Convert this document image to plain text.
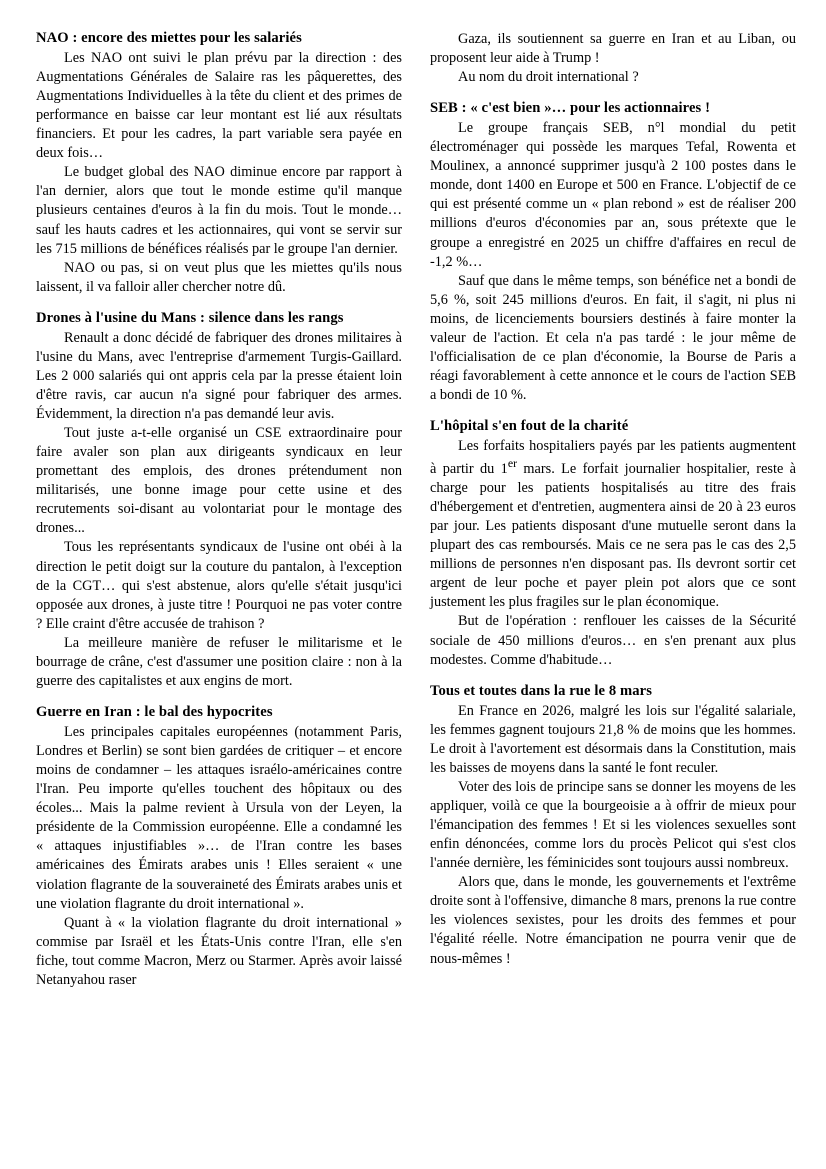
NAO : encore des miettes pour les salariés

Les NAO ont suivi le plan prévu par la direction : des Augmentations Générales de Salaire ras les pâquerettes, des Augmentations Individuelles à la tête du client et des primes de performance en baisse car leur montant est lié aux résultats financiers. Et pour les cadres, la part variable sera payée en deux fois…

Le budget global des NAO diminue encore par rapport à l'an dernier, alors que tout le monde estime qu'il manque plusieurs centaines d'euros à la fin du mois. Tout le monde… sauf les hauts cadres et les actionnaires, qui vont se servir sur les 715 millions de bénéfices réalisés par le groupe l'an dernier.

NAO ou pas, si on veut plus que les miettes qu'ils nous laissent, il va falloir aller chercher notre dû.

Drones à l'usine du Mans : silence dans les rangs

Renault a donc décidé de fabriquer des drones militaires à l'usine du Mans, avec l'entreprise d'armement Turgis-Gaillard. Les 2 000 salariés qui ont appris cela par la presse étaient loin d'être ravis, car aucun n'a signé pour fabriquer des armes. Évidemment, la direction n'a pas demandé leur avis.

Tout juste a-t-elle organisé un CSE extraordinaire pour faire avaler son plan aux dirigeants syndicaux en leur promettant des emplois, des drones prétendument non militarisés, une bonne image pour cette usine et des recrutements soi-disant au volontariat pour le montage des drones...

Tous les représentants syndicaux de l'usine ont obéi à la direction le petit doigt sur la couture du pantalon, à l'exception de la CGT… qui s'est abstenue, alors qu'elle s'était jusqu'ici opposée aux drones, à juste titre ! Pourquoi ne pas voter contre ? Elle craint d'être accusée de trahison ?

La meilleure manière de refuser le militarisme et le bourrage de crâne, c'est d'assumer une position claire : non à la guerre des capitalistes et aux engins de mort.

Guerre en Iran : le bal des hypocrites

Les principales capitales européennes (notamment Paris, Londres et Berlin) se sont bien gardées de critiquer – et encore moins de condamner – les attaques israélo-américaines contre l'Iran. Peu importe qu'elles touchent des hôpitaux ou des écoles... Mais la palme revient à Ursula von der Leyen, la présidente de la Commission européenne. Elle a condamné les « attaques injustifiables »… de l'Iran contre les bases américaines des Émirats arabes unis ! Elles seraient « une violation flagrante de la souveraineté des Émirats arabes unis et une violation flagrante du droit international ».

Quant à « la violation flagrante du droit international » commise par Israël et les États-Unis contre l'Iran, elle s'en fiche, tout comme Macron, Merz ou Starmer. Après avoir laissé Netanyahou raser

Gaza, ils soutiennent sa guerre en Iran et au Liban, ou proposent leur aide à Trump !

Au nom du droit international ?

SEB : « c'est bien »… pour les actionnaires !

Le groupe français SEB, n°l mondial du petit électroménager qui possède les marques Tefal, Rowenta et Moulinex, a annoncé supprimer jusqu'à 2 100 postes dans le monde, dont 1400 en Europe et 500 en France. L'objectif de ce qui est présenté comme un « plan rebond » est de réaliser 200 millions d'euros d'économies par an, sous prétexte que le groupe a enregistré en 2025 un chiffre d'affaires en recul de -1,2 %…

Sauf que dans le même temps, son bénéfice net a bondi de 5,6 %, soit 245 millions d'euros. En fait, il s'agit, ni plus ni moins, de licenciements boursiers destinés à faire monter la valeur de l'action. Et cela n'a pas tardé : le jour même de l'officialisation de ce plan d'économie, la Bourse de Paris a réagi favorablement à cette annonce et le cours de l'action SEB a bondi de 10 %.

L'hôpital s'en fout de la charité

Les forfaits hospitaliers payés par les patients augmentent à partir du 1er mars. Le forfait journalier hospitalier, reste à charge pour les patients hospitalisés au titre des frais d'hébergement et d'entretien, augmentera ainsi de 20 à 23 euros par jour. Les patients disposant d'une mutuelle seront dans la plupart des cas remboursés. Mais ce ne sera pas le cas des 2,5 millions de personnes n'en disposant pas. Ils devront sortir cet argent de leur poche et payer plein pot alors que ce sont justement les plus fragiles sur le plan économique.

But de l'opération : renflouer les caisses de la Sécurité sociale de 450 millions d'euros… en s'en prenant aux plus modestes. Comme d'habitude…

Tous et toutes dans la rue le 8 mars

En France en 2026, malgré les lois sur l'égalité salariale, les femmes gagnent toujours 21,8 % de moins que les hommes. Le droit à l'avortement est désormais dans la Constitution, mais les baisses de moyens dans la santé le font reculer.

Voter des lois de principe sans se donner les moyens de les appliquer, voilà ce que la bourgeoisie a à offrir de mieux pour l'émancipation des femmes ! Et si les violences sexuelles sont enfin dénoncées, comme lors du procès Pelicot qui s'est clos l'année dernière, les féminicides sont toujours aussi nombreux.

Alors que, dans le monde, les gouvernements et l'extrême droite sont à l'offensive, dimanche 8 mars, prenons la rue contre les violences sexistes, pour les droits des femmes et pour l'égalité réelle. Notre émancipation ne pourra venir que de nous-mêmes !
